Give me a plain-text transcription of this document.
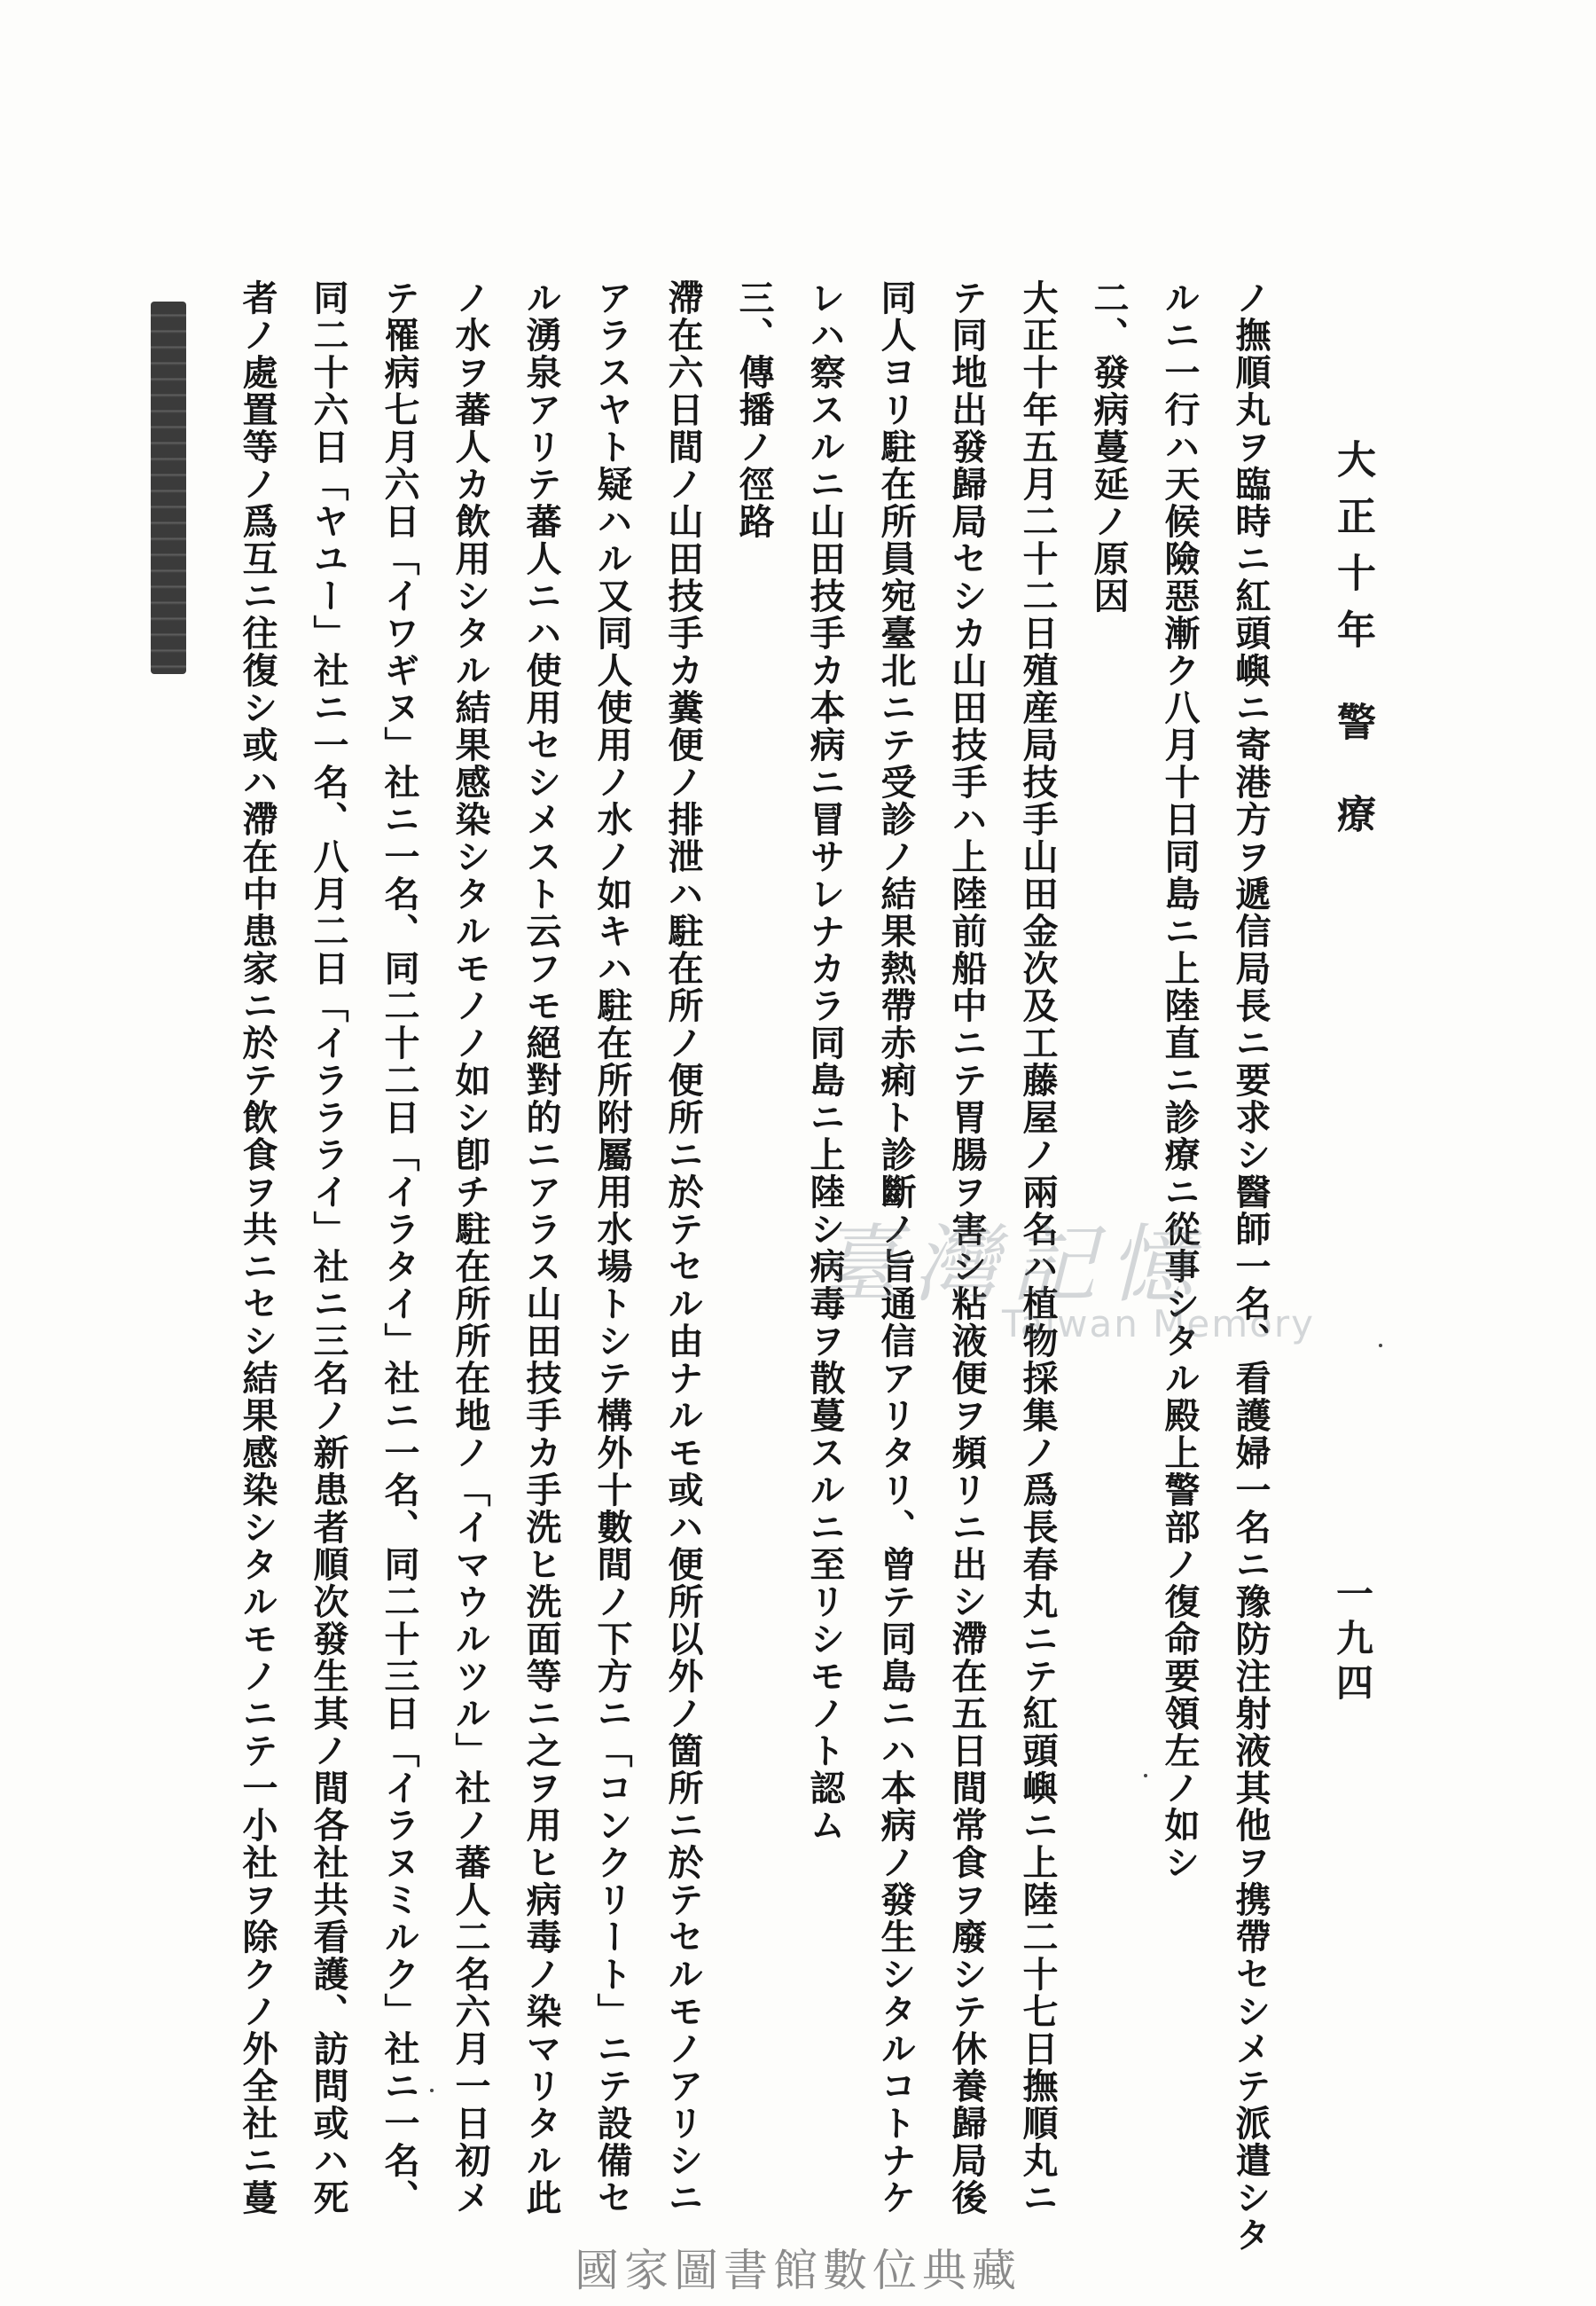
大正十年警療
一九四
ノ撫順丸ヲ臨時ニ紅頭嶼ニ寄港方ヲ遞信局長ニ要求シ醫師一名、看護婦一名ニ豫防注射液其他ヲ携帶セシメテ派遣シタ
ルニ一行ハ天候險惡漸ク八月十日同島ニ上陸直ニ診療ニ從事シタル殿上警部ノ復命要領左ノ如シ
二、發病蔓延ノ原因
大正十年五月二十二日殖産局技手山田金次及工藤屋ノ兩名ハ植物採集ノ爲長春丸ニテ紅頭嶼ニ上陸二十七日撫順丸ニ
テ同地出發歸局セシカ山田技手ハ上陸前船中ニテ胃腸ヲ害シ粘液便ヲ頻リニ出シ滯在五日間常食ヲ廢シテ休養歸局後
同人ヨリ駐在所員宛臺北ニテ受診ノ結果熱帶赤痢ト診斷ノ旨通信アリタリ、曾テ同島ニハ本病ノ發生シタルコトナケ
レハ察スルニ山田技手カ本病ニ冒サレナカラ同島ニ上陸シ病毒ヲ散蔓スルニ至リシモノト認ム
三、傳播ノ徑路
滯在六日間ノ山田技手カ糞便ノ排泄ハ駐在所ノ便所ニ於テセル由ナルモ或ハ便所以外ノ箇所ニ於テセルモノアリシニ
アラスヤト疑ハル又同人使用ノ水ノ如キハ駐在所附屬用水場トシテ構外十數間ノ下方ニ「コンクリート」ニテ設備セ
ル湧泉アリテ蕃人ニハ使用セシメスト云フモ絕對的ニアラス山田技手カ手洗ヒ洗面等ニ之ヲ用ヒ病毒ノ染マリタル此
ノ水ヲ蕃人カ飲用シタル結果感染シタルモノノ如シ卽チ駐在所所在地ノ「イマウルツル」社ノ蕃人二名六月一日初メ
テ罹病七月六日「イワギヌ」社ニ一名、同二十二日「イラタイ」社ニ一名、同二十三日「イラヌミルク」社ニ一名、
同二十六日「ヤユー」社ニ一名、八月二日「イララライ」社ニ三名ノ新患者順次發生其ノ間各社共看護、訪問或ハ死
者ノ處置等ノ爲互ニ往復シ或ハ滯在中患家ニ於テ飲食ヲ共ニセシ結果感染シタルモノニテ一小社ヲ除クノ外全社ニ蔓	臺灣記憶
Taiwan Memory
國家圖書館數位典藏
